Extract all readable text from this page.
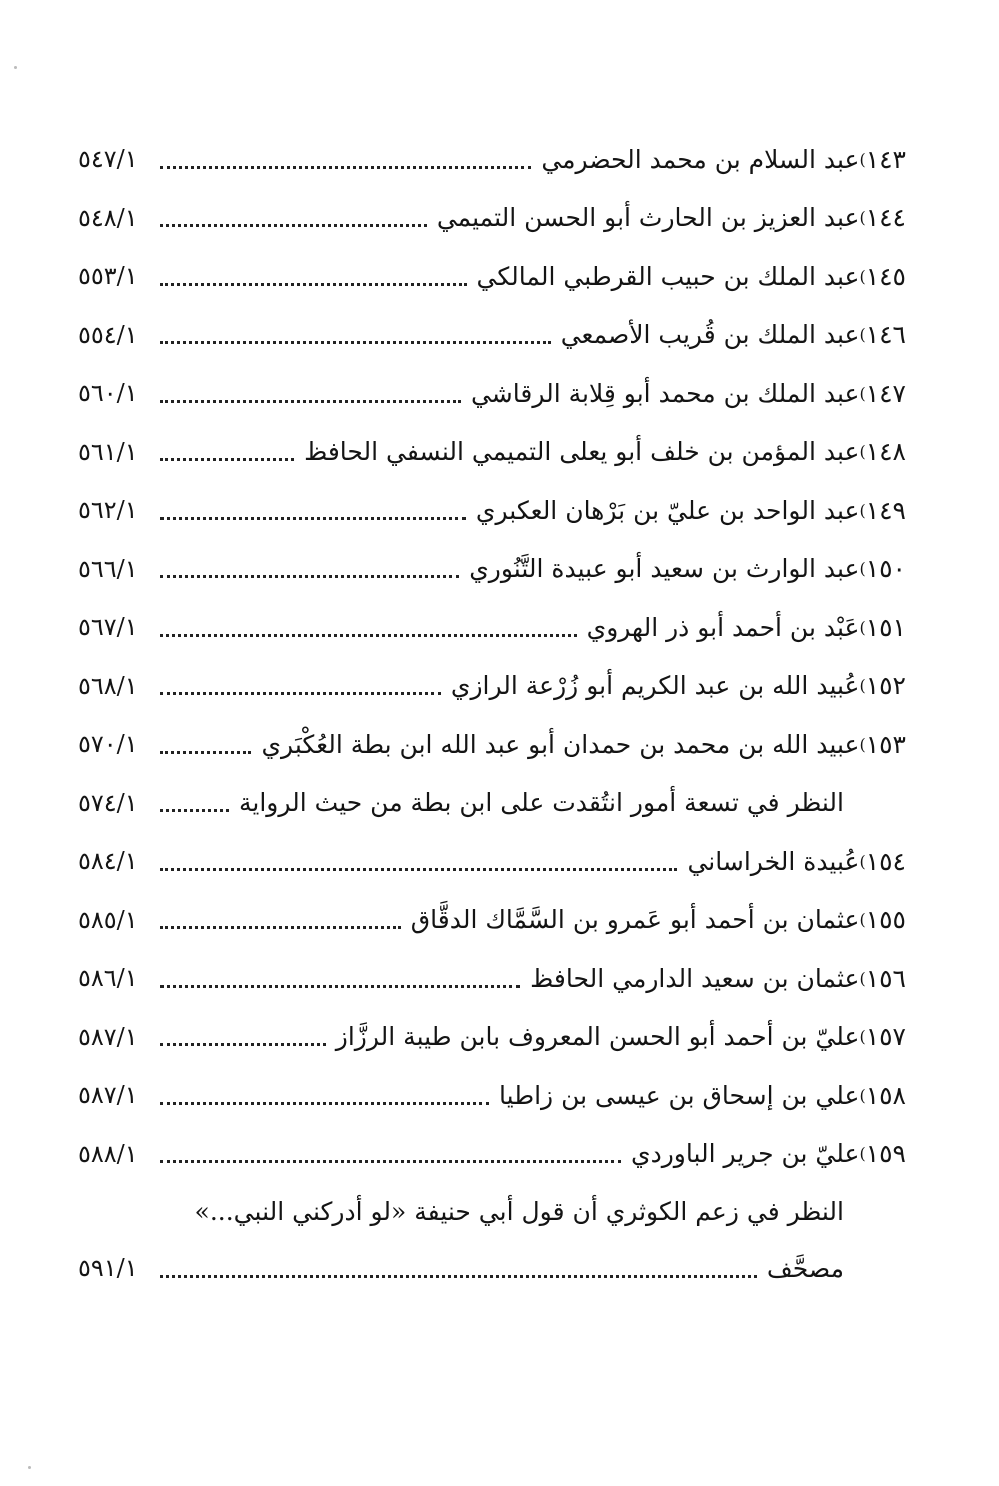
١٤٣
)
عبد السلام بن محمد الحضرمي
٥٤٧/١
١٤٤
)
عبد العزيز بن الحارث أبو الحسن التميمي
٥٤٨/١
١٤٥
)
عبد الملك بن حبيب القرطبي المالكي
٥٥٣/١
١٤٦
)
عبد الملك بن قُريب الأصمعي
٥٥٤/١
١٤٧
)
عبد الملك بن محمد أبو قِلابة الرقاشي
٥٦٠/١
١٤٨
)
عبد المؤمن بن خلف أبو يعلى التميمي النسفي الحافظ
٥٦١/١
١٤٩
)
عبد الواحد بن عليّ بن بَرْهان العكبري
٥٦٢/١
١٥٠
)
عبد الوارث بن سعيد أبو عبيدة التَّنُوري
٥٦٦/١
١٥١
)
عَبْد بن أحمد أبو ذر الهروي
٥٦٧/١
١٥٢
)
عُبيد الله بن عبد الكريم أبو زُرْعة الرازي
٥٦٨/١
١٥٣
)
عبيد الله بن محمد بن حمدان أبو عبد الله ابن بطة العُكْبَري
٥٧٠/١
النظر في تسعة أمور انتُقدت على ابن بطة من حيث الرواية
٥٧٤/١
١٥٤
)
عُبيدة الخراساني
٥٨٤/١
١٥٥
)
عثمان بن أحمد أبو عَمرو بن السَّمَّاك الدقَّاق
٥٨٥/١
١٥٦
)
عثمان بن سعيد الدارمي الحافظ
٥٨٦/١
١٥٧
)
عليّ بن أحمد أبو الحسن المعروف بابن طيبة الرزَّاز
٥٨٧/١
١٥٨
)
علي بن إسحاق بن عيسى بن زاطيا
٥٨٧/١
١٥٩
)
عليّ بن جرير الباوردي
٥٨٨/١
النظر في زعم الكوثري أن قول أبي حنيفة «لو أدركني النبي...»
مصحَّف
٥٩١/١
